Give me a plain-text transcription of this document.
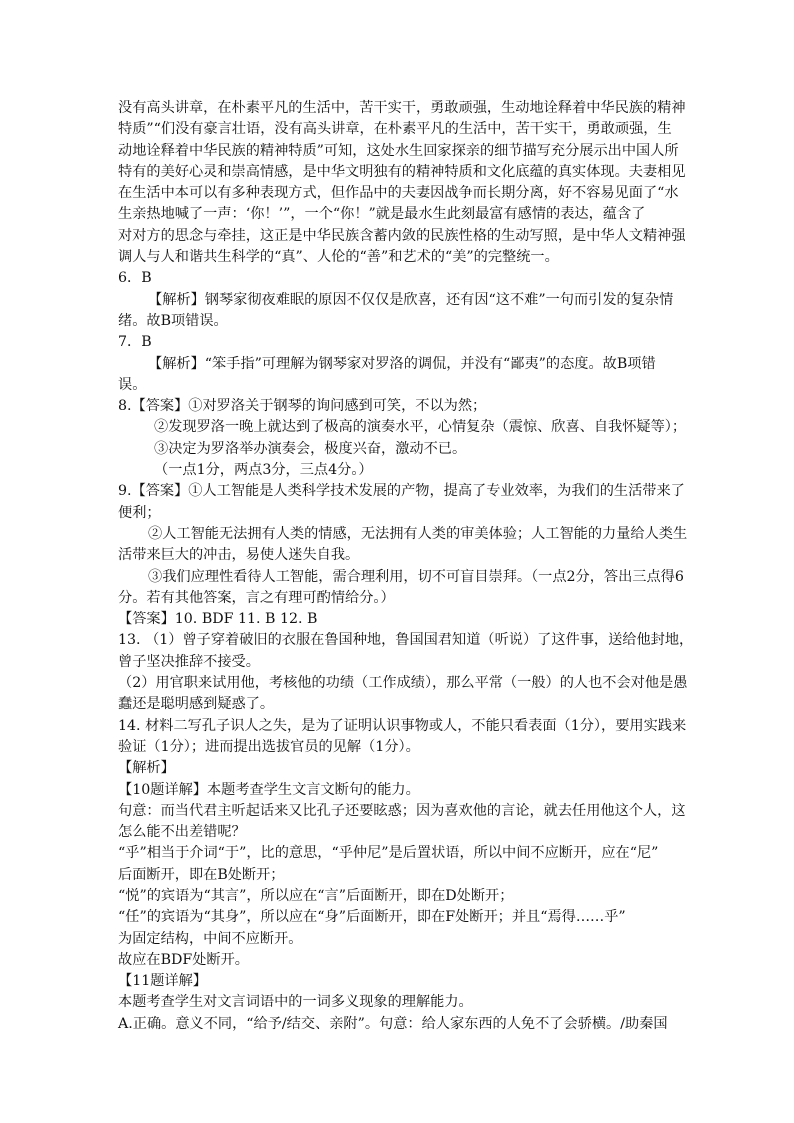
没有高头讲章，在朴素平凡的生活中，苦干实干，勇敢顽强，生动地诠释着中华民族的精神
特质”“们没有豪言壮语，没有高头讲章，在朴素平凡的生活中，苦干实干，勇敢顽强，生
动地诠释着中华民族的精神特质”可知，这处水生回家探亲的细节描写充分展示出中国人所
特有的美好心灵和崇高情感，是中华文明独有的精神特质和文化底蕴的真实体现。夫妻相见
在生活中本可以有多种表现方式，但作品中的夫妻因战争而长期分离，好不容易见面了“水
生亲热地喊了一声：‘你！’”，一个“你！”就是最水生此刻最富有感情的表达，蕴含了
对对方的思念与牵挂，这正是中华民族含蓄内敛的民族性格的生动写照，是中华人文精神强
调人与人和谐共生科学的“真”、人伦的“善”和艺术的“美”的完整统一。
6．B
【解析】钢琴家彻夜难眠的原因不仅仅是欣喜，还有因“这不难”一句而引发的复杂情
绪。故B项错误。
7．B
【解析】“笨手指”可理解为钢琴家对罗洛的调侃，并没有“鄙夷”的态度。故B项错
误。
8.【答案】①对罗洛关于钢琴的询问感到可笑，不以为然；
②发现罗洛一晚上就达到了极高的演奏水平，心情复杂（震惊、欣喜、自我怀疑等）；
③决定为罗洛举办演奏会，极度兴奋，激动不已。
（一点1分，两点3分，三点4分。）
9.【答案】①人工智能是人类科学技术发展的产物，提高了专业效率，为我们的生活带来了
便利；
②人工智能无法拥有人类的情感，无法拥有人类的审美体验；人工智能的力量给人类生
活带来巨大的冲击，易使人迷失自我。
③我们应理性看待人工智能，需合理利用，切不可盲目崇拜。（一点2分，答出三点得6
分。若有其他答案，言之有理可酌情给分。）
【答案】10. BDF 11. B 12. B
13. （1）曾子穿着破旧的衣服在鲁国种地，鲁国国君知道（听说）了这件事，送给他封地，
曾子坚决推辞不接受。
（2）用官职来试用他，考核他的功绩（工作成绩），那么平常（一般）的人也不会对他是愚
蠢还是聪明感到疑惑了。
14. 材料二写孔子识人之失，是为了证明认识事物或人，不能只看表面（1分），要用实践来
验证（1分）；进而提出选拔官员的见解（1分）。
【解析】
【10题详解】本题考查学生文言文断句的能力。
句意：而当代君主听起话来又比孔子还要眩惑；因为喜欢他的言论，就去任用他这个人，这
怎么能不出差错呢？
“乎”相当于介词“于”，比的意思，“乎仲尼”是后置状语，所以中间不应断开，应在“尼”
后面断开，即在B处断开；
“悦”的宾语为“其言”，所以应在“言”后面断开，即在D处断开；
“任”的宾语为“其身”，所以应在“身”后面断开，即在F处断开；并且“焉得……乎”
为固定结构，中间不应断开。
故应在BDF处断开。
【11题详解】
本题考查学生对文言词语中的一词多义现象的理解能力。
A.正确。意义不同，“给予/结交、亲附”。句意：给人家东西的人免不了会骄横。/助秦国
